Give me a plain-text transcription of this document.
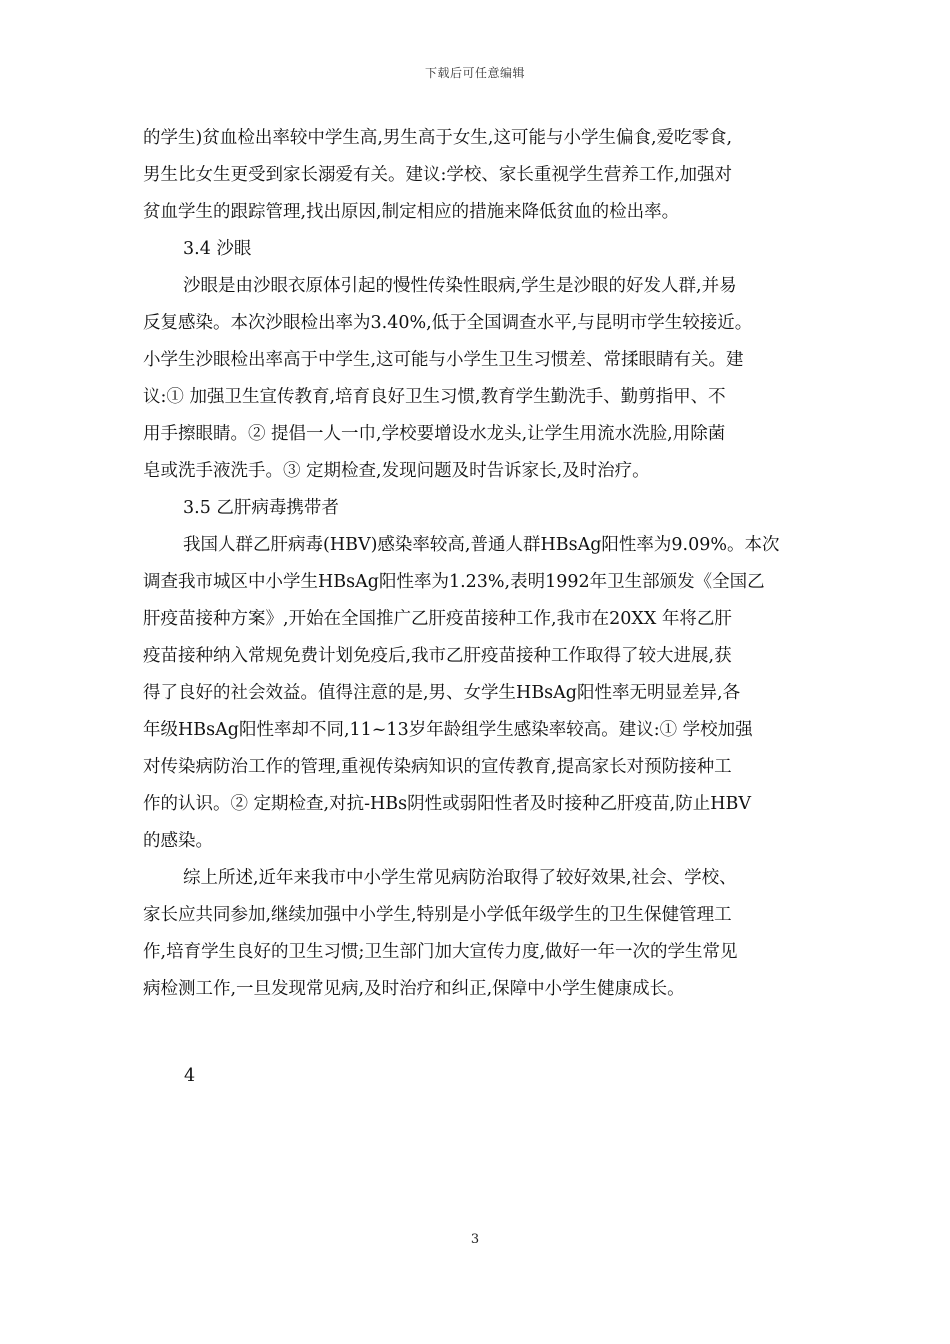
下载后可任意编辑
的学生)贫血检出率较中学生高,男生高于女生,这可能与小学生偏食,爱吃零食,
男生比女生更受到家长溺爱有关。建议:学校、家长重视学生营养工作,加强对
贫血学生的跟踪管理,找出原因,制定相应的措施来降低贫血的检出率。
3.4 沙眼
沙眼是由沙眼衣原体引起的慢性传染性眼病,学生是沙眼的好发人群,并易
反复感染。本次沙眼检出率为3.40%,低于全国调查水平,与昆明市学生较接近。
小学生沙眼检出率高于中学生,这可能与小学生卫生习惯差、常揉眼睛有关。建
议:① 加强卫生宣传教育,培育良好卫生习惯,教育学生勤洗手、勤剪指甲、不
用手擦眼睛。② 提倡一人一巾,学校要增设水龙头,让学生用流水洗脸,用除菌
皂或洗手液洗手。③ 定期检查,发现问题及时告诉家长,及时治疗。
3.5 乙肝病毒携带者
我国人群乙肝病毒(HBV)感染率较高,普通人群HBsAg阳性率为9.09%。本次
调查我市城区中小学生HBsAg阳性率为1.23%,表明1992年卫生部颁发《全国乙
肝疫苗接种方案》,开始在全国推广乙肝疫苗接种工作,我市在20XX 年将乙肝
疫苗接种纳入常规免费计划免疫后,我市乙肝疫苗接种工作取得了较大进展,获
得了良好的社会效益。值得注意的是,男、女学生HBsAg阳性率无明显差异,各
年级HBsAg阳性率却不同,11~13岁年龄组学生感染率较高。建议:① 学校加强
对传染病防治工作的管理,重视传染病知识的宣传教育,提高家长对预防接种工
作的认识。② 定期检查,对抗-HBs阴性或弱阳性者及时接种乙肝疫苗,防止HBV
的感染。
综上所述,近年来我市中小学生常见病防治取得了较好效果,社会、学校、
家长应共同参加,继续加强中小学生,特别是小学低年级学生的卫生保健管理工
作,培育学生良好的卫生习惯;卫生部门加大宣传力度,做好一年一次的学生常见
病检测工作,一旦发现常见病,及时治疗和纠正,保障中小学生健康成长。
4
3
